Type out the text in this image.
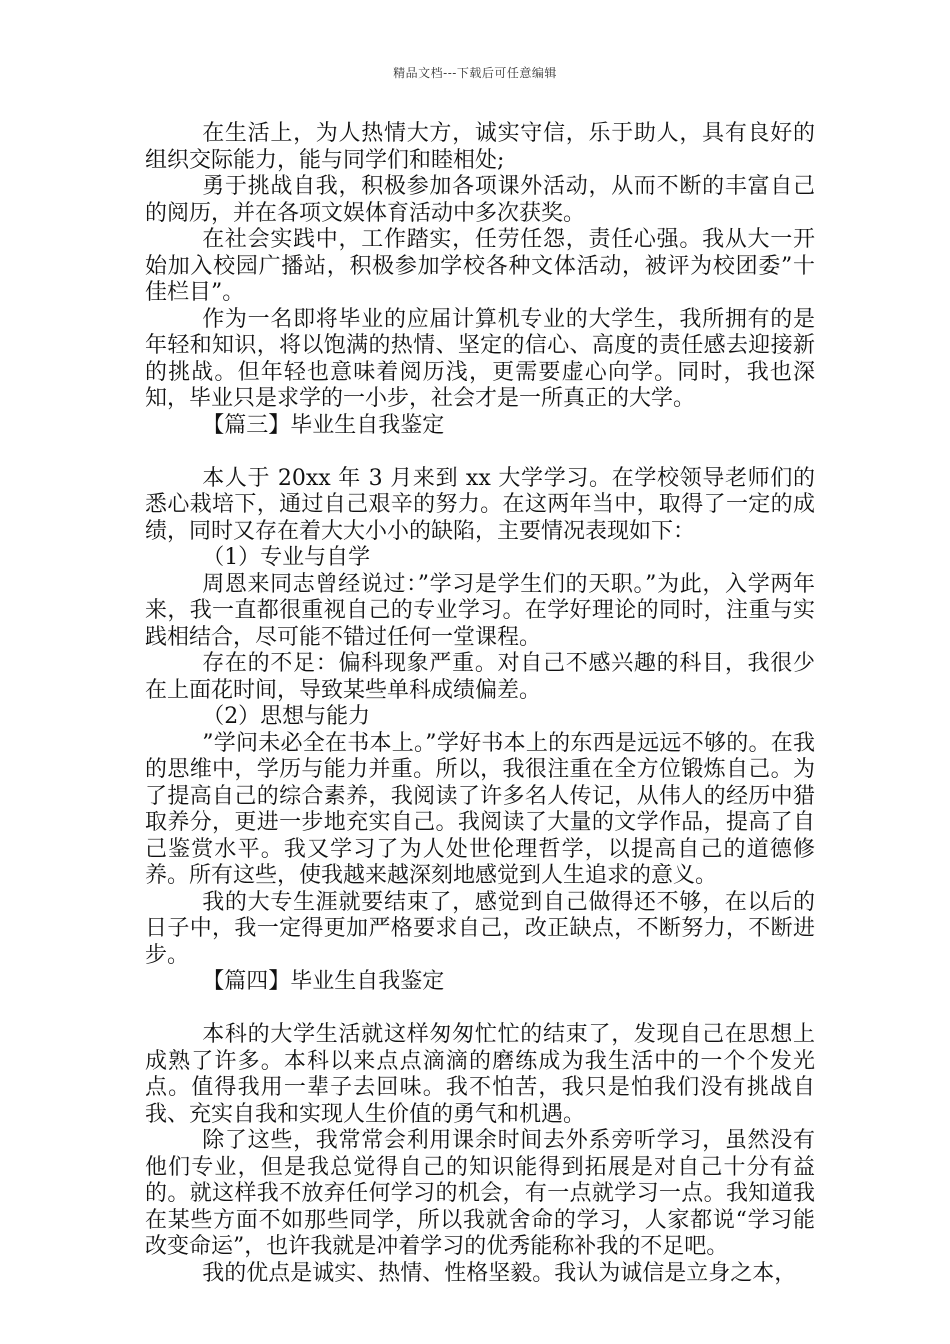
精品文档---下载后可任意编辑

在生活上，为人热情大方，诚实守信，乐于助人，具有良好的组织交际能力，能与同学们和睦相处;

勇于挑战自我，积极参加各项课外活动，从而不断的丰富自己的阅历，并在各项文娱体育活动中多次获奖。

在社会实践中，工作踏实，任劳任怨，责任心强。我从大一开始加入校园广播站，积极参加学校各种文体活动，被评为校团委”十佳栏目”。

作为一名即将毕业的应届计算机专业的大学生，我所拥有的是年轻和知识，将以饱满的热情、坚定的信心、高度的责任感去迎接新的挑战。但年轻也意味着阅历浅，更需要虚心向学。同时，我也深知，毕业只是求学的一小步，社会才是一所真正的大学。

【篇三】毕业生自我鉴定

本人于 20xx 年 3 月来到 xx 大学学习。在学校领导老师们的悉心栽培下，通过自己艰辛的努力。在这两年当中，取得了一定的成绩，同时又存在着大大小小的缺陷，主要情况表现如下：

（1）专业与自学

周恩来同志曾经说过：”学习是学生们的天职。”为此，入学两年来，我一直都很重视自己的专业学习。在学好理论的同时，注重与实践相结合，尽可能不错过任何一堂课程。

存在的不足：偏科现象严重。对自己不感兴趣的科目，我很少在上面花时间，导致某些单科成绩偏差。

（2）思想与能力

”学问未必全在书本上。”学好书本上的东西是远远不够的。在我的思维中，学历与能力并重。所以，我很注重在全方位锻炼自己。为了提高自己的综合素养，我阅读了许多名人传记，从伟人的经历中猎取养分，更进一步地充实自己。我阅读了大量的文学作品，提高了自己鉴赏水平。我又学习了为人处世伦理哲学，以提高自己的道德修养。所有这些，使我越来越深刻地感觉到人生追求的意义。

我的大专生涯就要结束了，感觉到自己做得还不够，在以后的日子中，我一定得更加严格要求自己，改正缺点，不断努力，不断进步。

【篇四】毕业生自我鉴定

本科的大学生活就这样匆匆忙忙的结束了，发现自己在思想上成熟了许多。本科以来点点滴滴的磨练成为我生活中的一个个发光点。值得我用一辈子去回味。我不怕苦，我只是怕我们没有挑战自我、充实自我和实现人生价值的勇气和机遇。

除了这些，我常常会利用课余时间去外系旁听学习，虽然没有他们专业，但是我总觉得自己的知识能得到拓展是对自己十分有益的。就这样我不放弃任何学习的机会，有一点就学习一点。我知道我在某些方面不如那些同学，所以我就舍命的学习，人家都说“学习能改变命运”，也许我就是冲着学习的优秀能称补我的不足吧。

我的优点是诚实、热情、性格坚毅。我认为诚信是立身之本，
